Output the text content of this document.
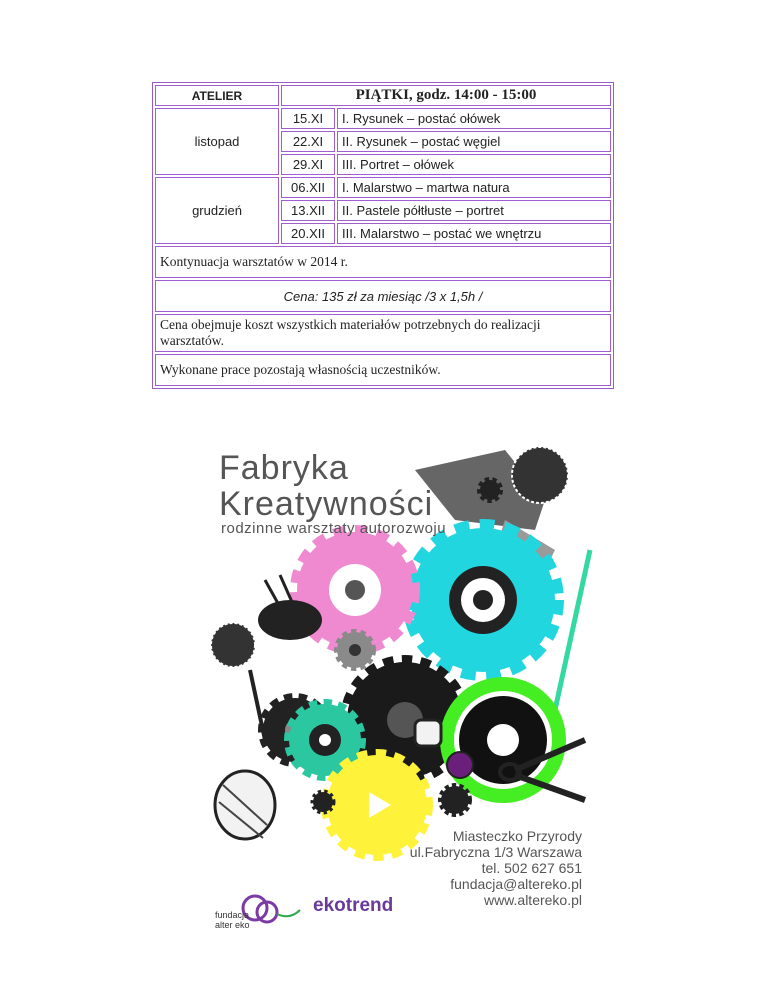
ATELIER	PIĄTKI, godz. 14:00 - 15:00	
listopad	15.XI	I. Rysunek – postać ołówek
	22.XI	II. Rysunek – postać węgiel
	29.XI	III. Portret – ołówek
grudzień	06.XII	I. Malarstwo – martwa natura
	13.XII	II. Pastele półtłuste – portret
	20.XII	III. Malarstwo – postać we wnętrzu
Kontynuacja warsztatów w 2014 r.		
Cena: 135 zł za miesiąc /3 x 1,5h /		
Cena obejmuje koszt wszystkich materiałów potrzebnych do realizacji warsztatów.		
Wykonane prace pozostają własnością uczestników.		
Fabryka
Kreatywności
rodzinne warsztaty autorozwoju
Miasteczko Przyrody
ul.Fabryczna 1/3 Warszawa
tel. 502 627 651
fundacja@altereko.pl
www.altereko.pl
fundacja
alter eko
ekotrend
